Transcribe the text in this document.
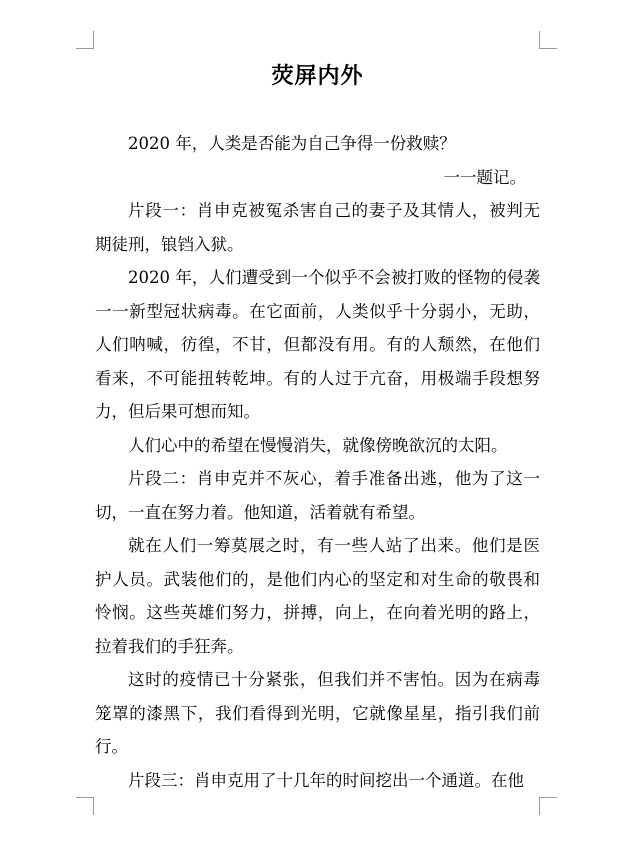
荧屏内外

2020 年，人类是否能为自己争得一份救赎？

一一题记。

片段一：肖申克被冤杀害自己的妻子及其情人，被判无期徒刑，锒铛入狱。

2020 年，人们遭受到一个似乎不会被打败的怪物的侵袭一一新型冠状病毒。在它面前，人类似乎十分弱小，无助，人们呐喊，彷徨，不甘，但都没有用。有的人颓然，在他们看来，不可能扭转乾坤。有的人过于亢奋，用极端手段想努力，但后果可想而知。

人们心中的希望在慢慢消失，就像傍晚欲沉的太阳。

片段二：肖申克并不灰心，着手准备出逃，他为了这一切，一直在努力着。他知道，活着就有希望。

就在人们一筹莫展之时，有一些人站了出来。他们是医护人员。武装他们的，是他们内心的坚定和对生命的敬畏和怜悯。这些英雄们努力，拼搏，向上，在向着光明的路上，拉着我们的手狂奔。

这时的疫情已十分紧张，但我们并不害怕。因为在病毒笼罩的漆黑下，我们看得到光明，它就像星星，指引我们前行。

片段三：肖申克用了十几年的时间挖出一个通道。在他
